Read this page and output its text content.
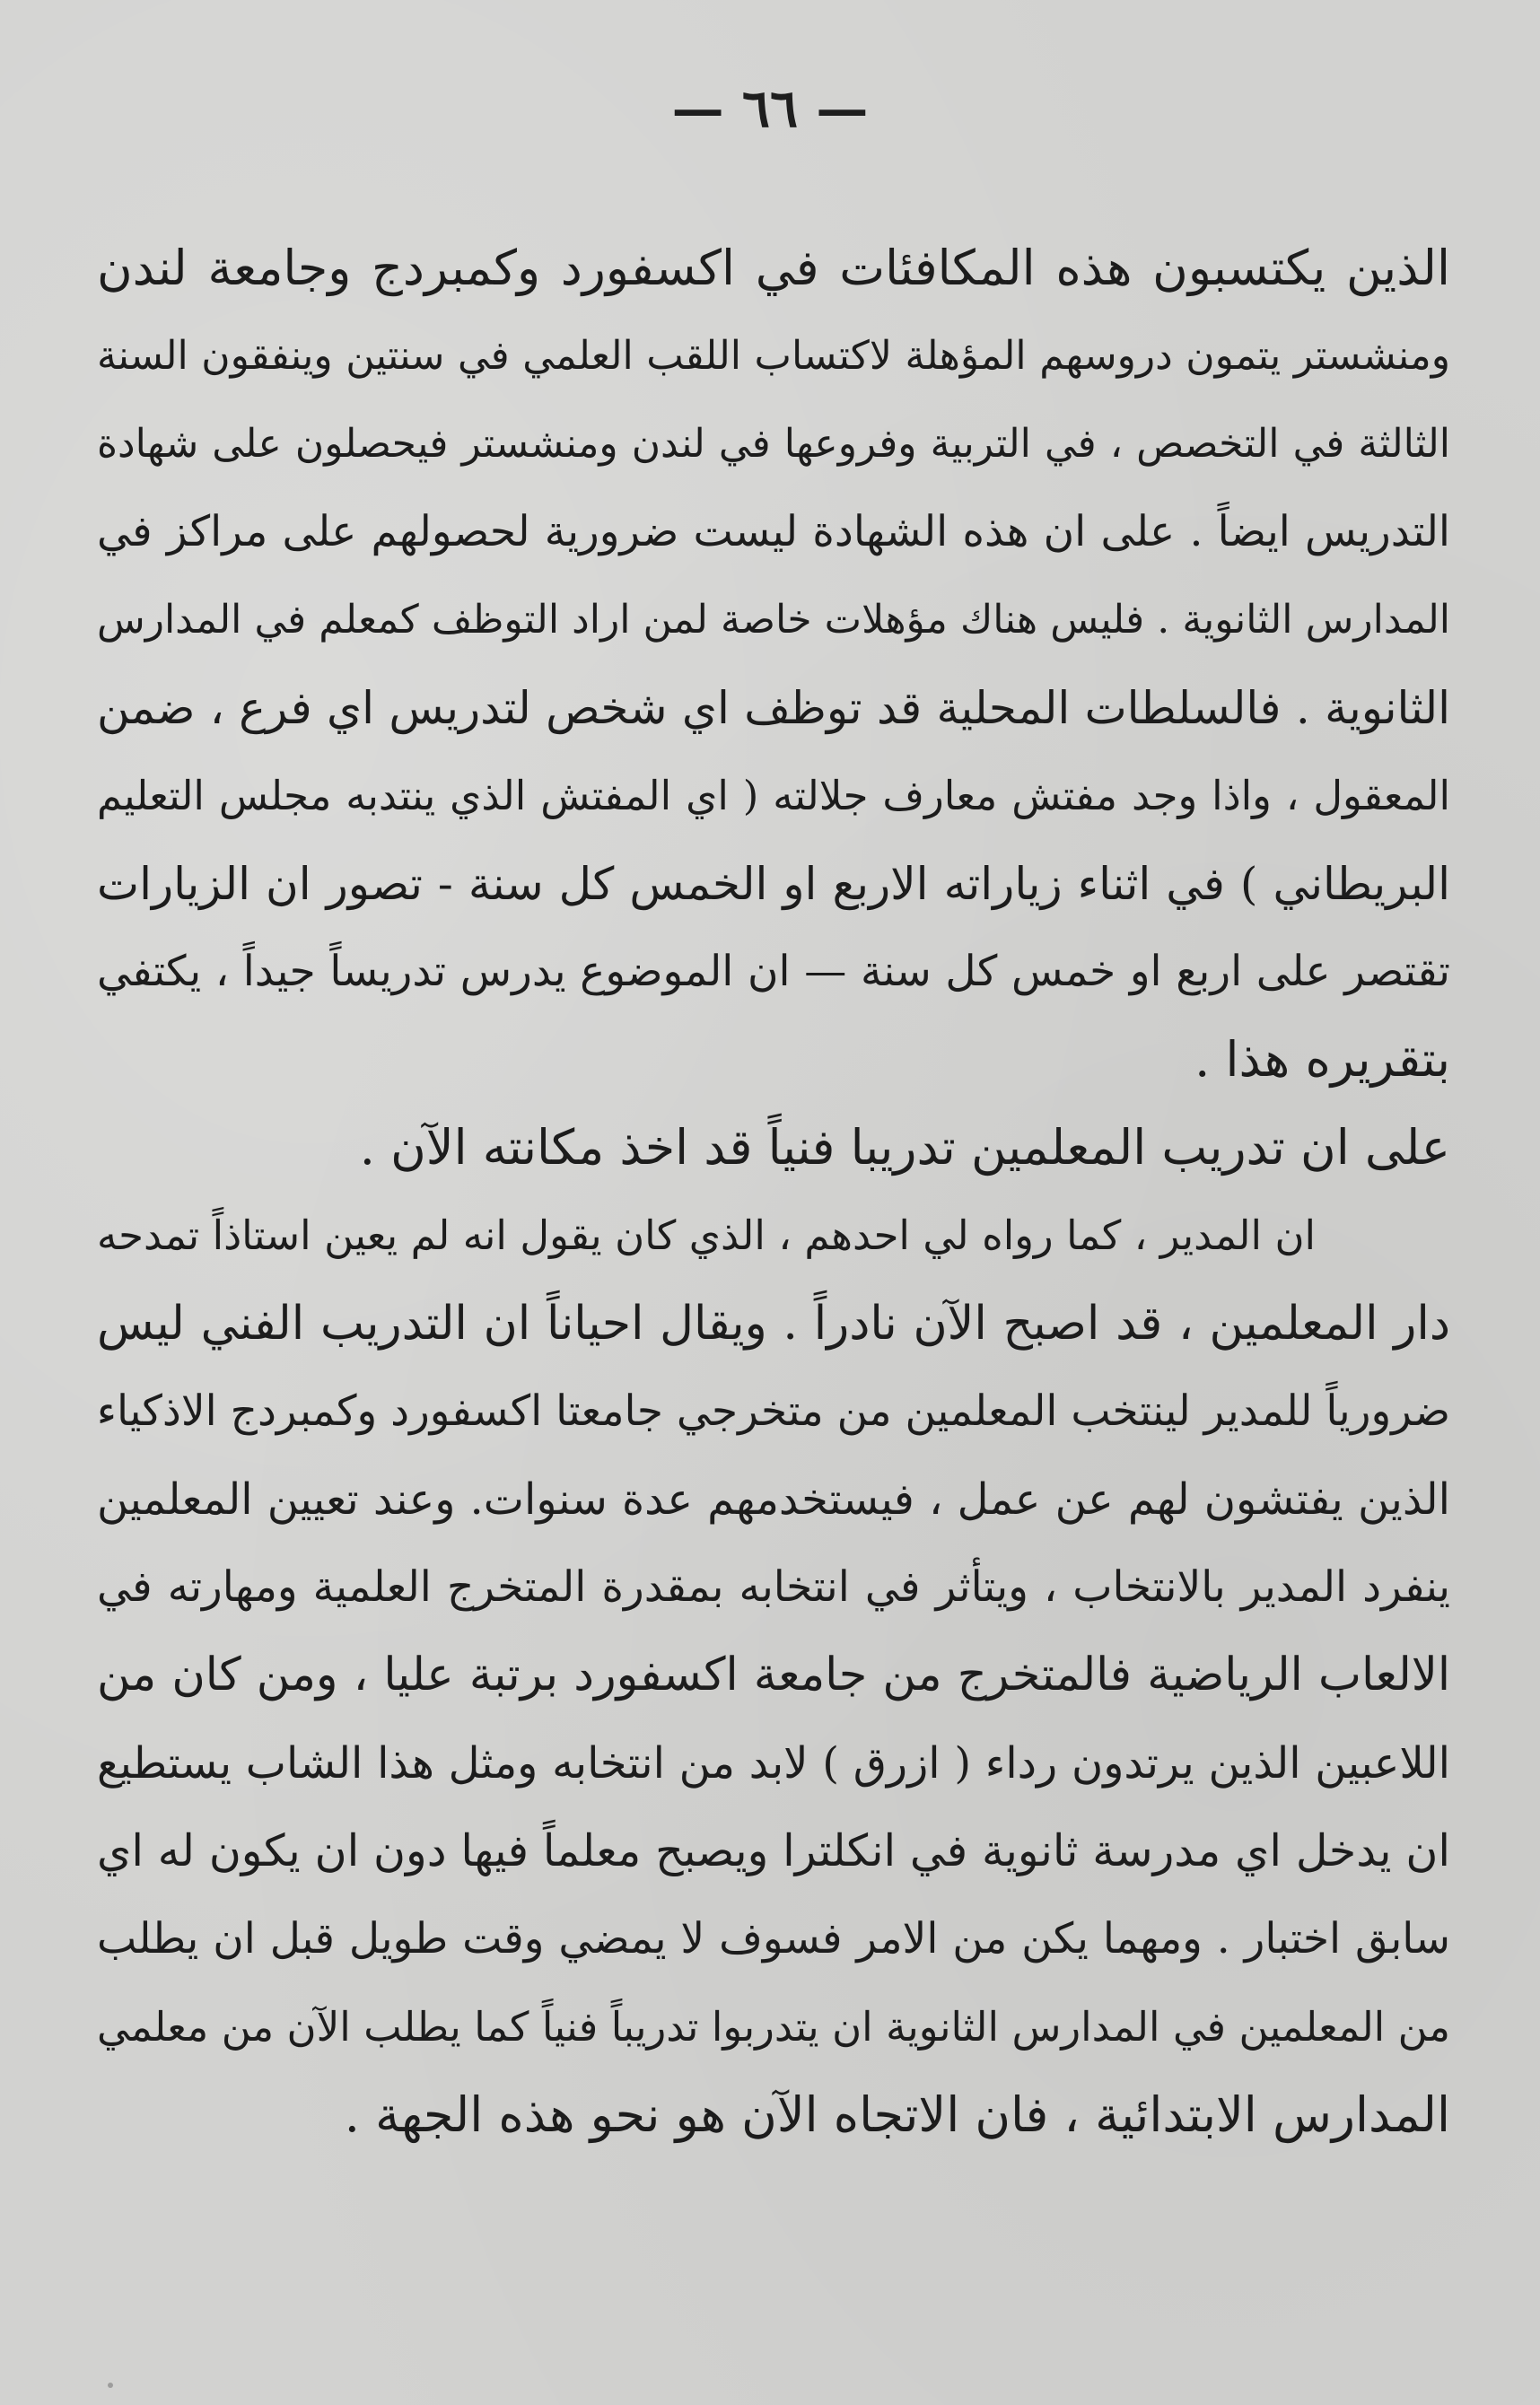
— ٦٦ —
الذين يكتسبون هذه المكافئات في اكسفورد وكمبردج وجامعة لندن
ومنشستر يتمون دروسهم المؤهلة لاكتساب اللقب العلمي في سنتين وينفقون السنة
الثالثة في التخصص ، في التربية وفروعها في لندن ومنشستر فيحصلون على شهادة
التدريس ايضاً . على ان هذه الشهادة ليست ضرورية لحصولهم على مراكز في
المدارس الثانوية . فليس هناك مؤهلات خاصة لمن اراد التوظف كمعلم في المدارس
الثانوية . فالسلطات المحلية قد توظف اي شخص لتدريس اي فرع ، ضمن
المعقول ، واذا وجد مفتش معارف جلالته ( اي المفتش الذي ينتدبه مجلس التعليم
البريطاني ) في اثناء زياراته الاربع او الخمس كل سنة - تصور ان الزيارات
تقتصر على اربع او خمس كل سنة — ان الموضوع يدرس تدريساً جيداً ، يكتفي
بتقريره هذا .
على ان تدريب المعلمين تدريبا فنياً قد اخذ مكانته الآن .
ان المدير ، كما رواه لي احدهم ، الذي كان يقول انه لم يعين استاذاً تمدحه
دار المعلمين ، قد اصبح الآن نادراً . ويقال احياناً ان التدريب الفني ليس
ضرورياً للمدير لينتخب المعلمين من متخرجي جامعتا اكسفورد وكمبردج الاذكياء
الذين يفتشون لهم عن عمل ، فيستخدمهم عدة سنوات. وعند تعيين المعلمين
ينفرد المدير بالانتخاب ، ويتأثر في انتخابه بمقدرة المتخرج العلمية ومهارته في
الالعاب الرياضية فالمتخرج من جامعة اكسفورد برتبة عليا ، ومن كان من
اللاعبين الذين يرتدون رداء ( ازرق ) لابد من انتخابه ومثل هذا الشاب يستطيع
ان يدخل اي مدرسة ثانوية في انكلترا ويصبح معلماً فيها دون ان يكون له اي
سابق اختبار . ومهما يكن من الامر فسوف لا يمضي وقت طويل قبل ان يطلب
من المعلمين في المدارس الثانوية ان يتدربوا تدريباً فنياً كما يطلب الآن من معلمي
المدارس الابتدائية ، فان الاتجاه الآن هو نحو هذه الجهة .
